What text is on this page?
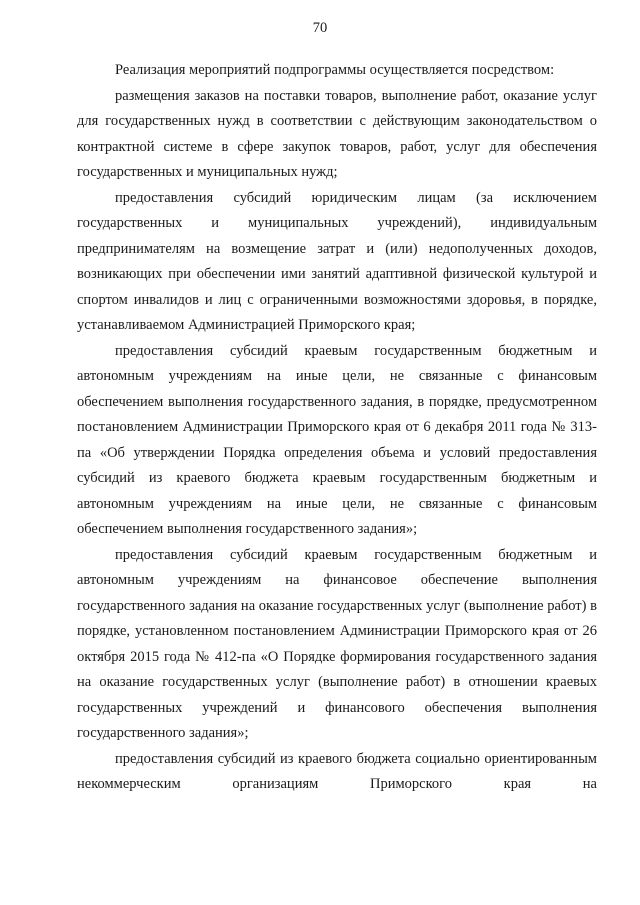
70

Реализация мероприятий подпрограммы осуществляется посредством:

размещения заказов на поставки товаров, выполнение работ, оказание услуг для государственных нужд в соответствии с действующим законодательством о контрактной системе в сфере закупок товаров, работ, услуг для обеспечения государственных и муниципальных нужд;

предоставления субсидий юридическим лицам (за исключением государственных и муниципальных учреждений), индивидуальным предпринимателям на возмещение затрат и (или) недополученных доходов, возникающих при обеспечении ими занятий адаптивной физической культурой и спортом инвалидов и лиц с ограниченными возможностями здоровья, в порядке, устанавливаемом Администрацией Приморского края;

предоставления субсидий краевым государственным бюджетным и автономным учреждениям на иные цели, не связанные с финансовым обеспечением выполнения государственного задания, в порядке, предусмотренном постановлением Администрации Приморского края от 6 декабря 2011 года № 313-па «Об утверждении Порядка определения объема и условий предоставления субсидий из краевого бюджета краевым государственным бюджетным и автономным учреждениям на иные цели, не связанные с финансовым обеспечением выполнения государственного задания»;

предоставления субсидий краевым государственным бюджетным и автономным учреждениям на финансовое обеспечение выполнения государственного задания на оказание государственных услуг (выполнение работ) в порядке, установленном постановлением Администрации Приморского края от 26 октября 2015 года № 412-па «О Порядке формирования государственного задания на оказание государственных услуг (выполнение работ) в отношении краевых государственных учреждений и финансового обеспечения выполнения государственного задания»;

предоставления субсидий из краевого бюджета социально ориентированным некоммерческим организациям Приморского края на
